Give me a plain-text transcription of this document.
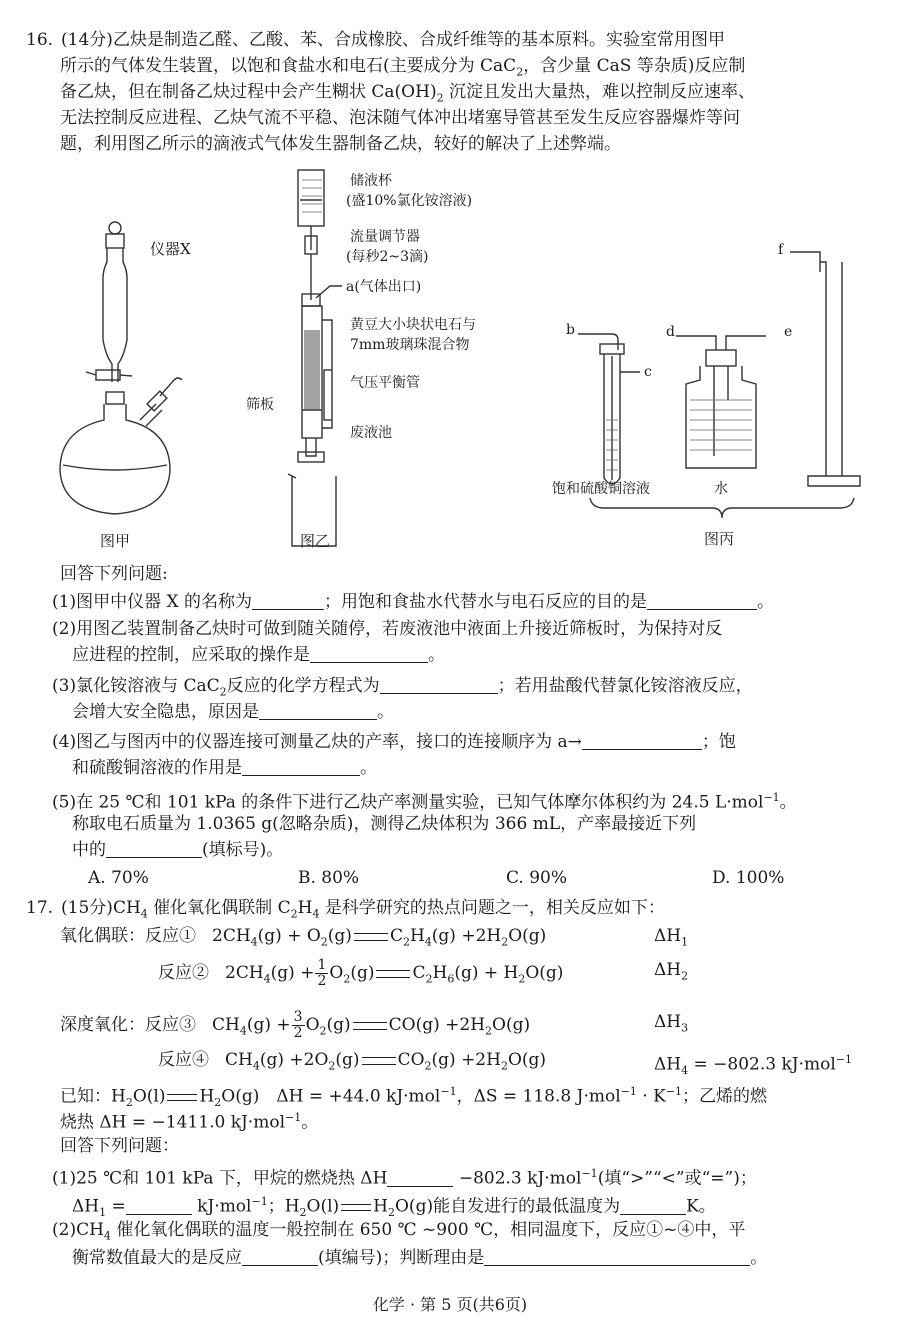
16. (14分)乙炔是制造乙醛、乙酸、苯、合成橡胶、合成纤维等的基本原料。实验室常用图甲
所示的气体发生装置，以饱和食盐水和电石(主要成分为 CaC$_2$，含少量 CaS 等杂质)反应制
备乙炔，但在制备乙炔过程中会产生糊状 $Ca(OH)_2$ 沉淀且发出大量热，难以控制反应速率、
无法控制反应进程、乙炔气流不平稳、泡沫随气体冲出堵塞导管甚至发生反应容器爆炸等问
题，利用图乙所示的滴液式气体发生器制备乙炔，较好的解决了上述弊端。
仪器X
图甲
储液杯
(盛10%氯化铵溶液)
流量调节器
(每秒2~3滴)
a(气体出口)
黄豆大小块状电石与
7mm玻璃珠混合物
气压平衡管
筛板
废液池
图乙
b
c
d	e
f
饱和硫酸铜溶液	水
图丙
回答下列问题:
(1)图甲中仪器 X 的名称为	；用饱和食盐水代替水与电石反应的目的是	。
(2)用图乙装置制备乙炔时可做到随关随停，若废液池中液面上升接近筛板时，为保持对反
应进程的控制，应采取的操作是	。
(3)氯化铵溶液与 CaC$_2$反应的化学方程式为	；若用盐酸代替氯化铵溶液反应，
会增大安全隐患，原因是	。
(4)图乙与图丙中的仪器连接可测量乙炔的产率，接口的连接顺序为 a→	；饱
和硫酸铜溶液的作用是	。
(5)在 25 ℃和 101 kPa 的条件下进行乙炔产率测量实验，已知气体摩尔体积约为 24.5 L·mol$^{-1}$。
称取电石质量为 1.0365 g(忽略杂质)，测得乙炔体积为 366 mL，产率最接近下列
中的	(填标号)。
A. 70%	B. 80%	C. 90%	D. 100%
17. (15分)$CH_4$ 催化氧化偶联制 $C_2H_4$ 是科学研究的热点问题之一，相关反应如下：
氧化偶联：反应① $2CH_4(g) + O_2(g)$ $C_2H_4(g) +2H_2O(g)$	$\Delta H_1$
反应② $2CH_4(g) + \frac{1}{2} O_2(g) C_2H_6(g) + H_2O(g)$	$\Delta H_2$
深度氧化：反应③ $CH_4(g) + \frac{3}{2} O_2(g)$ $CO(g) +2H_2O(g)$	$\Delta H_3$
反应④ $CH_4(g) +2O_2(g)$ $CO_2(g) +2H_2O(g)$	$\Delta H_4 = -802.3$ kJ·mol$^{-1}$
已知：$H_2O(l)$ $H_2O(g)$　ΔH = +44.0 kJ·mol$^{-1}$，ΔS = 118.8 $J\cdot mol^{-1} \cdot K^{-1}$；乙烯的燃
烧热 ΔH = −1411.0 kJ·mol$^{-1}$。
回答下列问题：
(1)25 ℃和 101 kPa 下，甲烷的燃烧热 ΔH	−802.3 kJ·mol$^{-1}$(填“>”“<”或“=”)；
$\Delta H_1$ =	kJ·mol$^{-1}$；$H_2O(l)$ $H_2O(g)$能自发进行的最低温度为	K。
$(2)CH_4$ 催化氧化偶联的温度一般控制在 650 ℃ ~900 ℃，相同温度下，反应①~④中，平
衡常数值最大的是反应	(填编号)；判断理由是	。
化学 · 第 5 页(共6页)
